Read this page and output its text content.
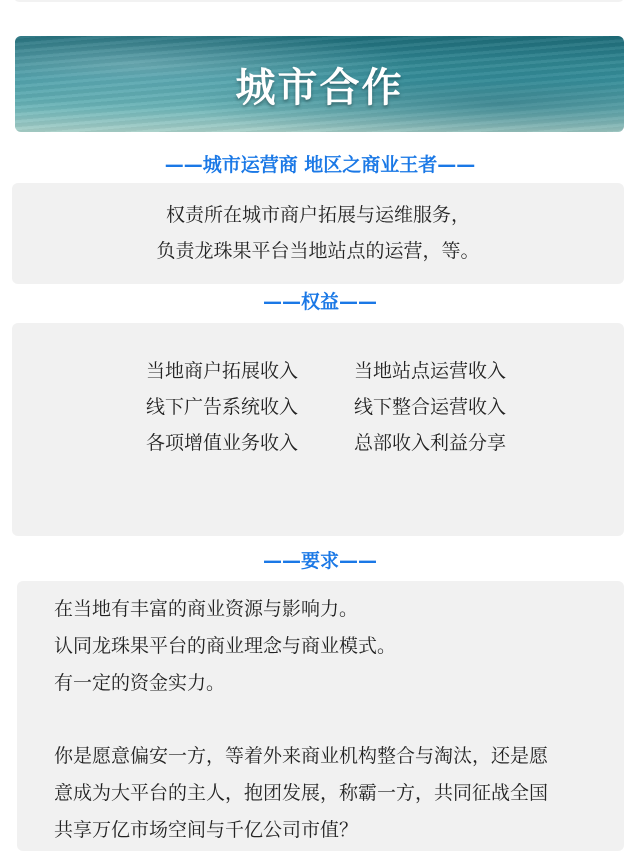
城市合作
——城市运营商 地区之商业王者——
权责所在城市商户拓展与运维服务，
负责龙珠果平台当地站点的运营，等。
——权益——
当地商户拓展收入	当地站点运营收入
线下广告系统收入	线下整合运营收入
各项增值业务收入	总部收入利益分享
——要求——
在当地有丰富的商业资源与影响力。
认同龙珠果平台的商业理念与商业模式。
有一定的资金实力。
你是愿意偏安一方，等着外来商业机构整合与淘汰，还是愿
意成为大平台的主人，抱团发展，称霸一方，共同征战全国
共享万亿市场空间与千亿公司市值？
